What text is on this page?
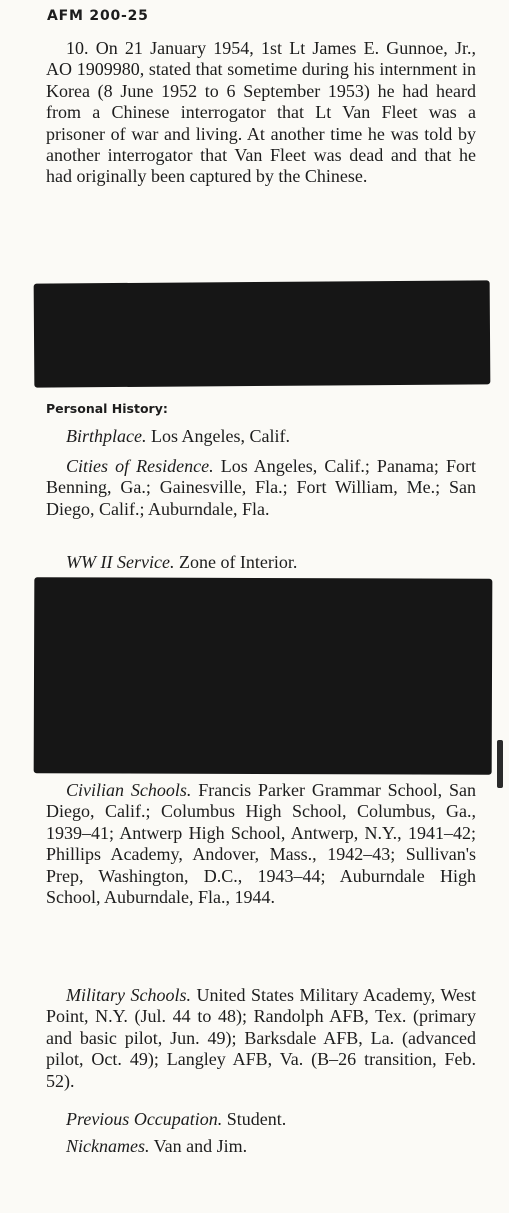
AFM 200-25

10. On 21 January 1954, 1st Lt James E. Gunnoe, Jr., AO 1909980, stated that sometime during his internment in Korea (8 June 1952 to 6 September 1953) he had heard from a Chinese interrogator that Lt Van Fleet was a prisoner of war and living. At another time he was told by another interrogator that Van Fleet was dead and that he had originally been captured by the Chinese.

Personal History:

Birthplace. Los Angeles, Calif.

Cities of Residence. Los Angeles, Calif.; Panama; Fort Benning, Ga.; Gainesville, Fla.; Fort William, Me.; San Diego, Calif.; Auburndale, Fla.

WW II Service. Zone of Interior.

Civilian Schools. Francis Parker Grammar School, San Diego, Calif.; Columbus High School, Columbus, Ga., 1939–41; Antwerp High School, Antwerp, N.Y., 1941–42; Phillips Academy, Andover, Mass., 1942–43; Sullivan's Prep, Washington, D.C., 1943–44; Auburndale High School, Auburndale, Fla., 1944.

Military Schools. United States Military Academy, West Point, N.Y. (Jul. 44 to 48); Randolph AFB, Tex. (primary and basic pilot, Jun. 49); Barksdale AFB, La. (advanced pilot, Oct. 49); Langley AFB, Va. (B–26 transition, Feb. 52).

Previous Occupation. Student.

Nicknames. Van and Jim.
